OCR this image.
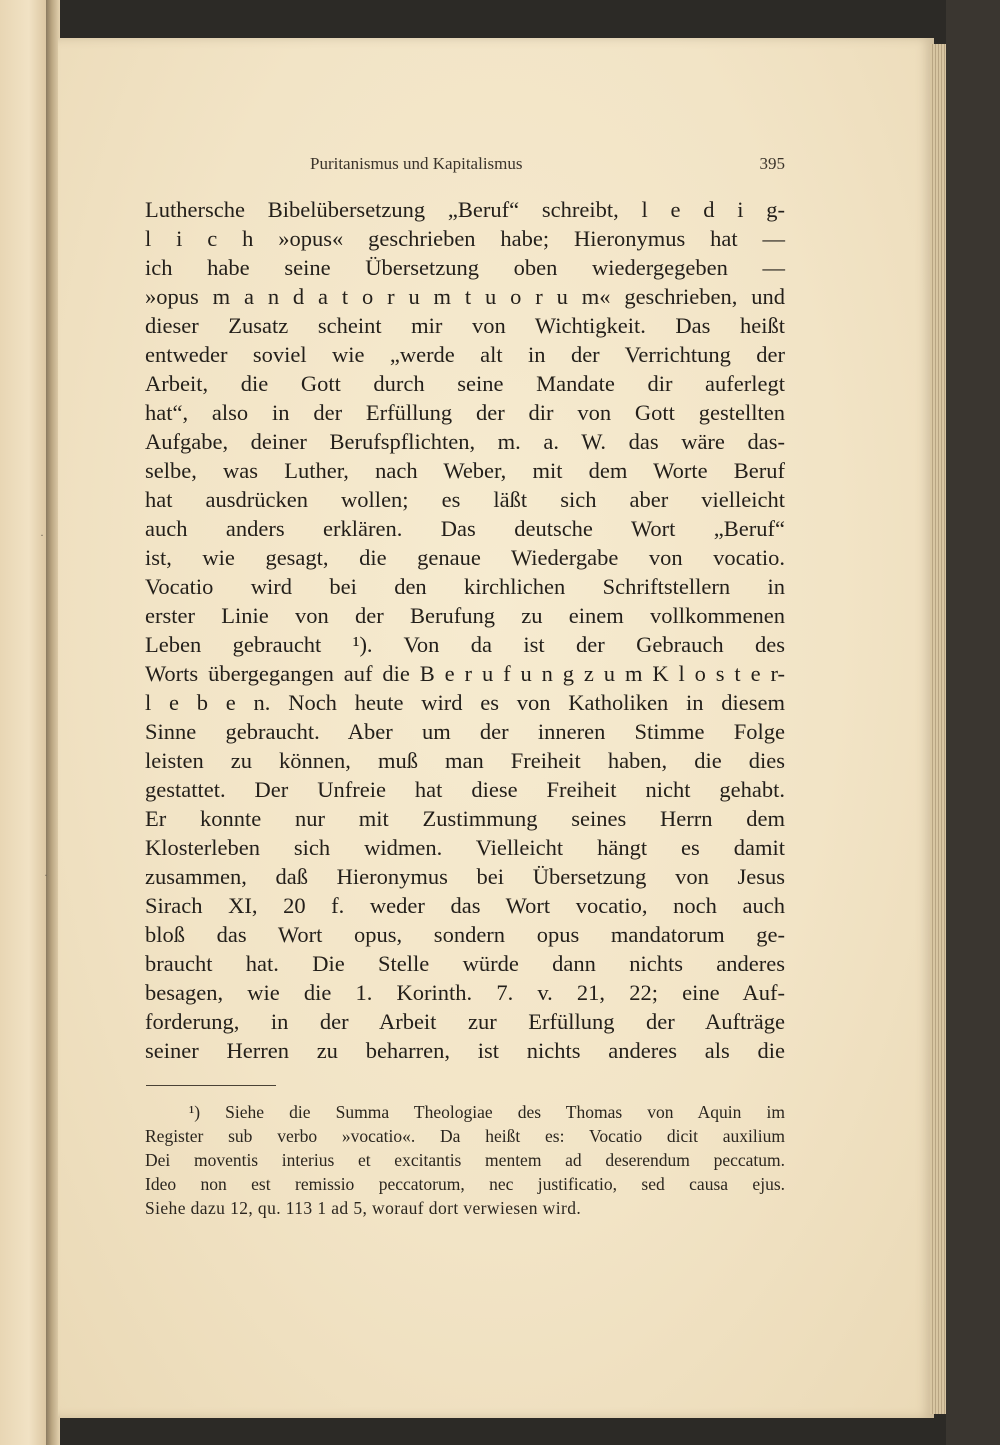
·
·
Puritanismus und Kapitalismus	395
Luthersche Bibelübersetzung „Beruf“ schreibt, l e d i g-
l i c h »opus« geschrieben habe; Hieronymus hat —
ich habe seine Übersetzung oben wiedergegeben —
»opus m a n d a t o r u m t u o r u m« geschrieben, und
dieser Zusatz scheint mir von Wichtigkeit. Das heißt
entweder soviel wie „werde alt in der Verrichtung der
Arbeit, die Gott durch seine Mandate dir auferlegt
hat“, also in der Erfüllung der dir von Gott gestellten
Aufgabe, deiner Berufspflichten, m. a. W. das wäre das-
selbe, was Luther, nach Weber, mit dem Worte Beruf
hat ausdrücken wollen; es läßt sich aber vielleicht
auch anders erklären. Das deutsche Wort „Beruf“
ist, wie gesagt, die genaue Wiedergabe von vocatio.
Vocatio wird bei den kirchlichen Schriftstellern in
erster Linie von der Berufung zu einem vollkommenen
Leben gebraucht ¹). Von da ist der Gebrauch des
Worts übergegangen auf die B e r u f u n g z u m K l o s t e r-
l e b e n. Noch heute wird es von Katholiken in diesem
Sinne gebraucht. Aber um der inneren Stimme Folge
leisten zu können, muß man Freiheit haben, die dies
gestattet. Der Unfreie hat diese Freiheit nicht gehabt.
Er konnte nur mit Zustimmung seines Herrn dem
Klosterleben sich widmen. Vielleicht hängt es damit
zusammen, daß Hieronymus bei Übersetzung von Jesus
Sirach XI, 20 f. weder das Wort vocatio, noch auch
bloß das Wort opus, sondern opus mandatorum ge-
braucht hat. Die Stelle würde dann nichts anderes
besagen, wie die 1. Korinth. 7. v. 21, 22; eine Auf-
forderung, in der Arbeit zur Erfüllung der Aufträge
seiner Herren zu beharren, ist nichts anderes als die
¹) Siehe die Summa Theologiae des Thomas von Aquin im
Register sub verbo »vocatio«. Da heißt es: Vocatio dicit auxilium
Dei moventis interius et excitantis mentem ad deserendum peccatum.
Ideo non est remissio peccatorum, nec justificatio, sed causa ejus.
Siehe dazu 12, qu. 113 1 ad 5, worauf dort verwiesen wird.
